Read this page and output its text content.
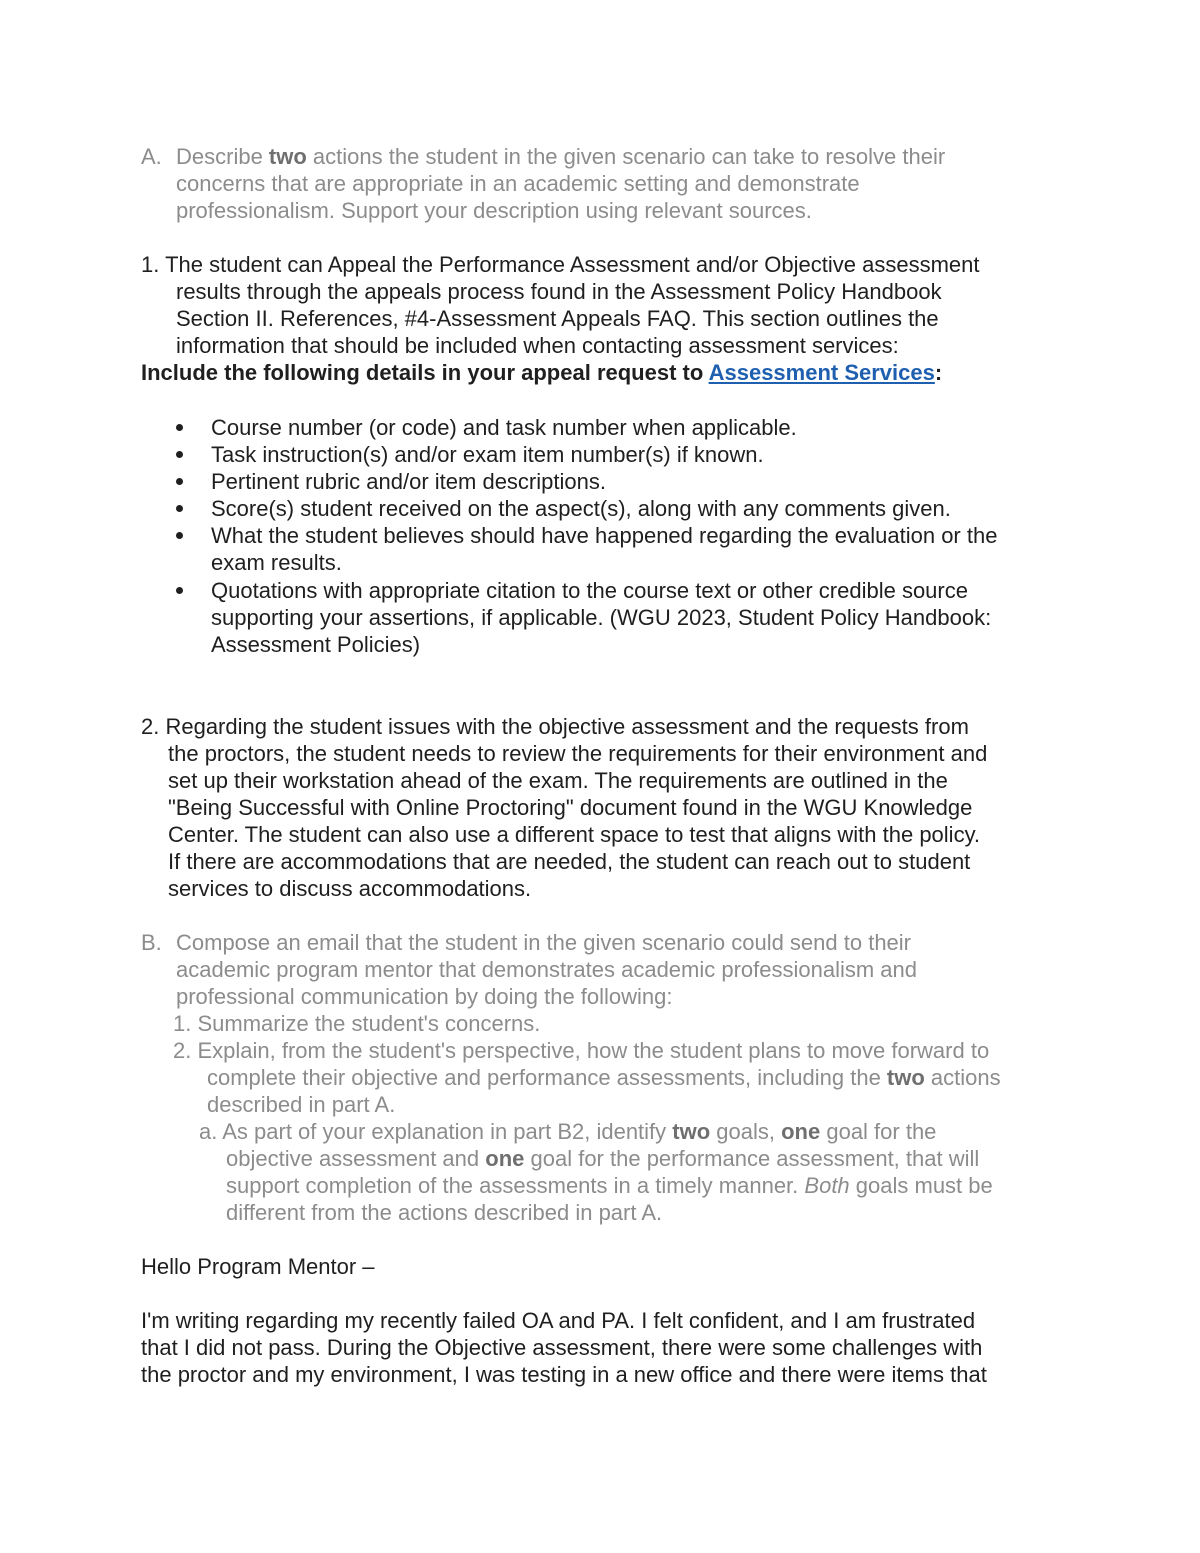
A. Describe two actions the student in the given scenario can take to resolve their
concerns that are appropriate in an academic setting and demonstrate
professionalism. Support your description using relevant sources.
1. The student can Appeal the Performance Assessment and/or Objective assessment
results through the appeals process found in the Assessment Policy Handbook
Section II. References, #4-Assessment Appeals FAQ. This section outlines the
information that should be included when contacting assessment services:
Include the following details in your appeal request to Assessment Services:
Course number (or code) and task number when applicable.
Task instruction(s) and/or exam item number(s) if known.
Pertinent rubric and/or item descriptions.
Score(s) student received on the aspect(s), along with any comments given.
What the student believes should have happened regarding the evaluation or the
exam results.
Quotations with appropriate citation to the course text or other credible source
supporting your assertions, if applicable. (WGU 2023, Student Policy Handbook:
Assessment Policies)
2. Regarding the student issues with the objective assessment and the requests from
the proctors, the student needs to review the requirements for their environment and
set up their workstation ahead of the exam. The requirements are outlined in the
"Being Successful with Online Proctoring" document found in the WGU Knowledge
Center. The student can also use a different space to test that aligns with the policy.
If there are accommodations that are needed, the student can reach out to student
services to discuss accommodations.
B. Compose an email that the student in the given scenario could send to their
academic program mentor that demonstrates academic professionalism and
professional communication by doing the following:
1. Summarize the student's concerns.
2. Explain, from the student's perspective, how the student plans to move forward to
complete their objective and performance assessments, including the two actions
described in part A.
a. As part of your explanation in part B2, identify two goals, one goal for the
objective assessment and one goal for the performance assessment, that will
support completion of the assessments in a timely manner. Both goals must be
different from the actions described in part A.
Hello Program Mentor –
I'm writing regarding my recently failed OA and PA. I felt confident, and I am frustrated
that I did not pass. During the Objective assessment, there were some challenges with
the proctor and my environment, I was testing in a new office and there were items that
